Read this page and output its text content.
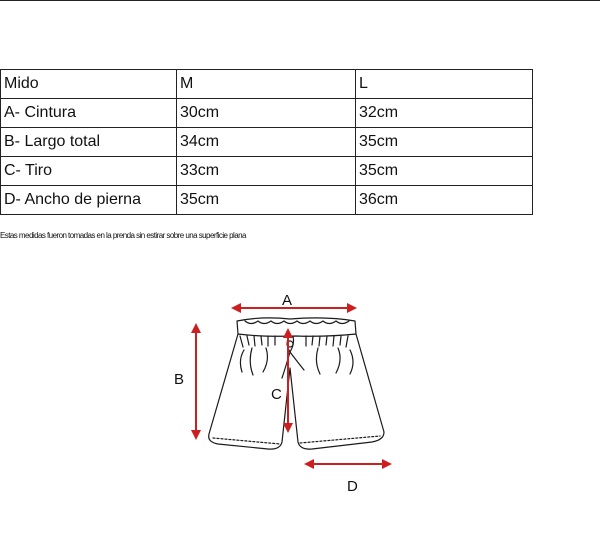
Mido	M	L
A- Cintura	30cm	32cm
B- Largo total	34cm	35cm
C- Tiro	33cm	35cm
D- Ancho de pierna	35cm	36cm
Estas medidas fueron tomadas en la prenda sin estirar sobre una superficie plana
A
B
C
D
